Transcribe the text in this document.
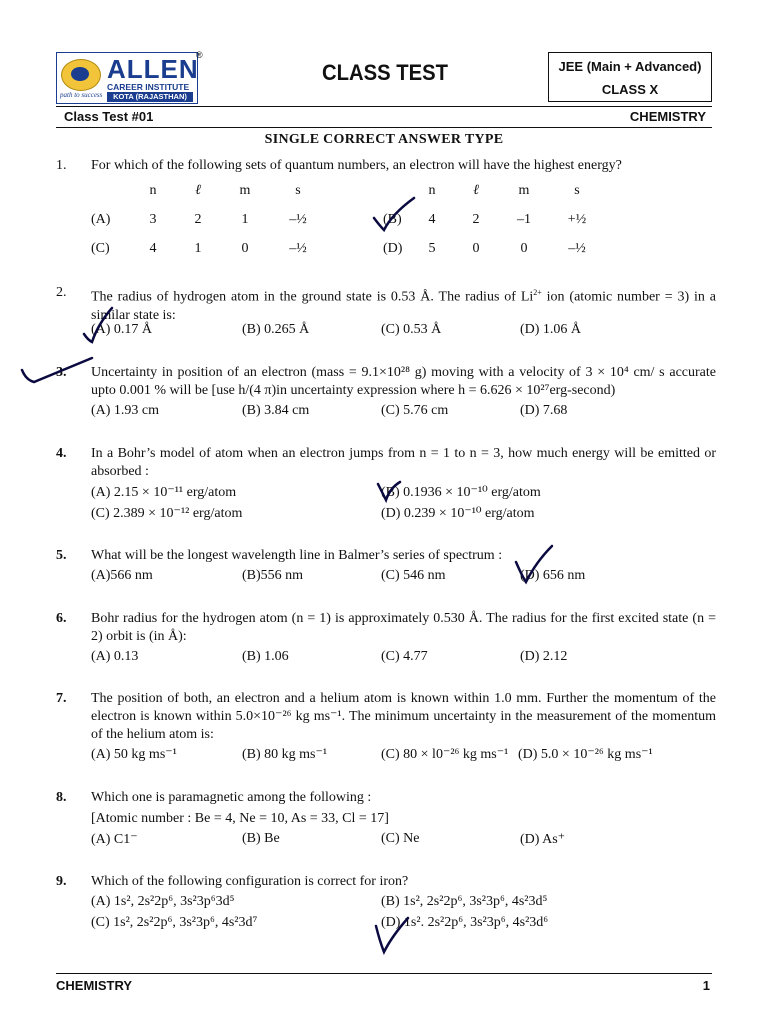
ALLEN
CAREER INSTITUTE
KOTA (RAJASTHAN)
path to success
®
CLASS TEST	JEE (Main + Advanced)
CLASS X
Class Test #01	CHEMISTRY
SINGLE CORRECT ANSWER TYPE
1. For which of the following sets of quantum numbers, an electron will have the highest energy?
n	ℓ	m	s	n	ℓ	m	s
(A)	3	2	1	–½	(B)	4	2	–1	+½
(C)	4	1	0	–½	(D)	5	0	0	–½
2. The radius of hydrogen atom in the ground state is 0.53 Å. The radius of $Li^{2+}$ ion (atomic number = 3) in a similar state is:
(A) 0.17 Å	(B) 0.265 Å	(C) 0.53 Å	(D) 1.06 Å
3. Uncertainty in position of an electron (mass = 9.1×10²⁸ g) moving with a velocity of 3 × 10⁴ cm/ s accurate upto 0.001 % will be [use h/(4 π)in uncertainty expression where h = 6.626 × 10²⁷erg-second)
(A) 1.93 cm	(B) 3.84 cm	(C) 5.76 cm	(D) 7.68
4. In a Bohr’s model of atom when an electron jumps from n = 1 to n = 3, how much energy will be emitted or absorbed :
(A) 2.15 × 10⁻¹¹ erg/atom	(B) 0.1936 × 10⁻¹⁰ erg/atom
(C) 2.389 × 10⁻¹² erg/atom	(D) 0.239 × 10⁻¹⁰ erg/atom
5. What will be the longest wavelength line in Balmer’s series of spectrum :
(A)566 nm	(B)556 nm	(C) 546 nm	(D) 656 nm
6. Bohr radius for the hydrogen atom (n = 1) is approximately 0.530 Å. The radius for the first excited state (n = 2) orbit is (in Å):
(A) 0.13	(B) 1.06	(C) 4.77	(D) 2.12
7. The position of both, an electron and a helium atom is known within 1.0 mm. Further the momentum of the electron is known within 5.0×10⁻²⁶ kg ms⁻¹. The minimum uncertainty in the measurement of the momentum of the helium atom is:
(A) 50 kg ms⁻¹	(B) 80 kg ms⁻¹	(C) 80 × l0⁻²⁶ kg ms⁻¹ (D) 5.0 × 10⁻²⁶ kg ms⁻¹
8. Which one is paramagnetic among the following :
[Atomic number : Be = 4, Ne = 10, As = 33, Cl = 17]
(A) C1⁻	(B) Be	(C) Ne	(D) As⁺
9. Which of the following configuration is correct for iron?
(A) 1s², 2s²2p⁶, 3s²3p⁶3d⁵	(B) 1s², 2s²2p⁶, 3s²3p⁶, 4s²3d⁵
(C) 1s², 2s²2p⁶, 3s²3p⁶, 4s²3d⁷	(D) 1s². 2s²2p⁶, 3s²3p⁶, 4s²3d⁶
CHEMISTRY	1
